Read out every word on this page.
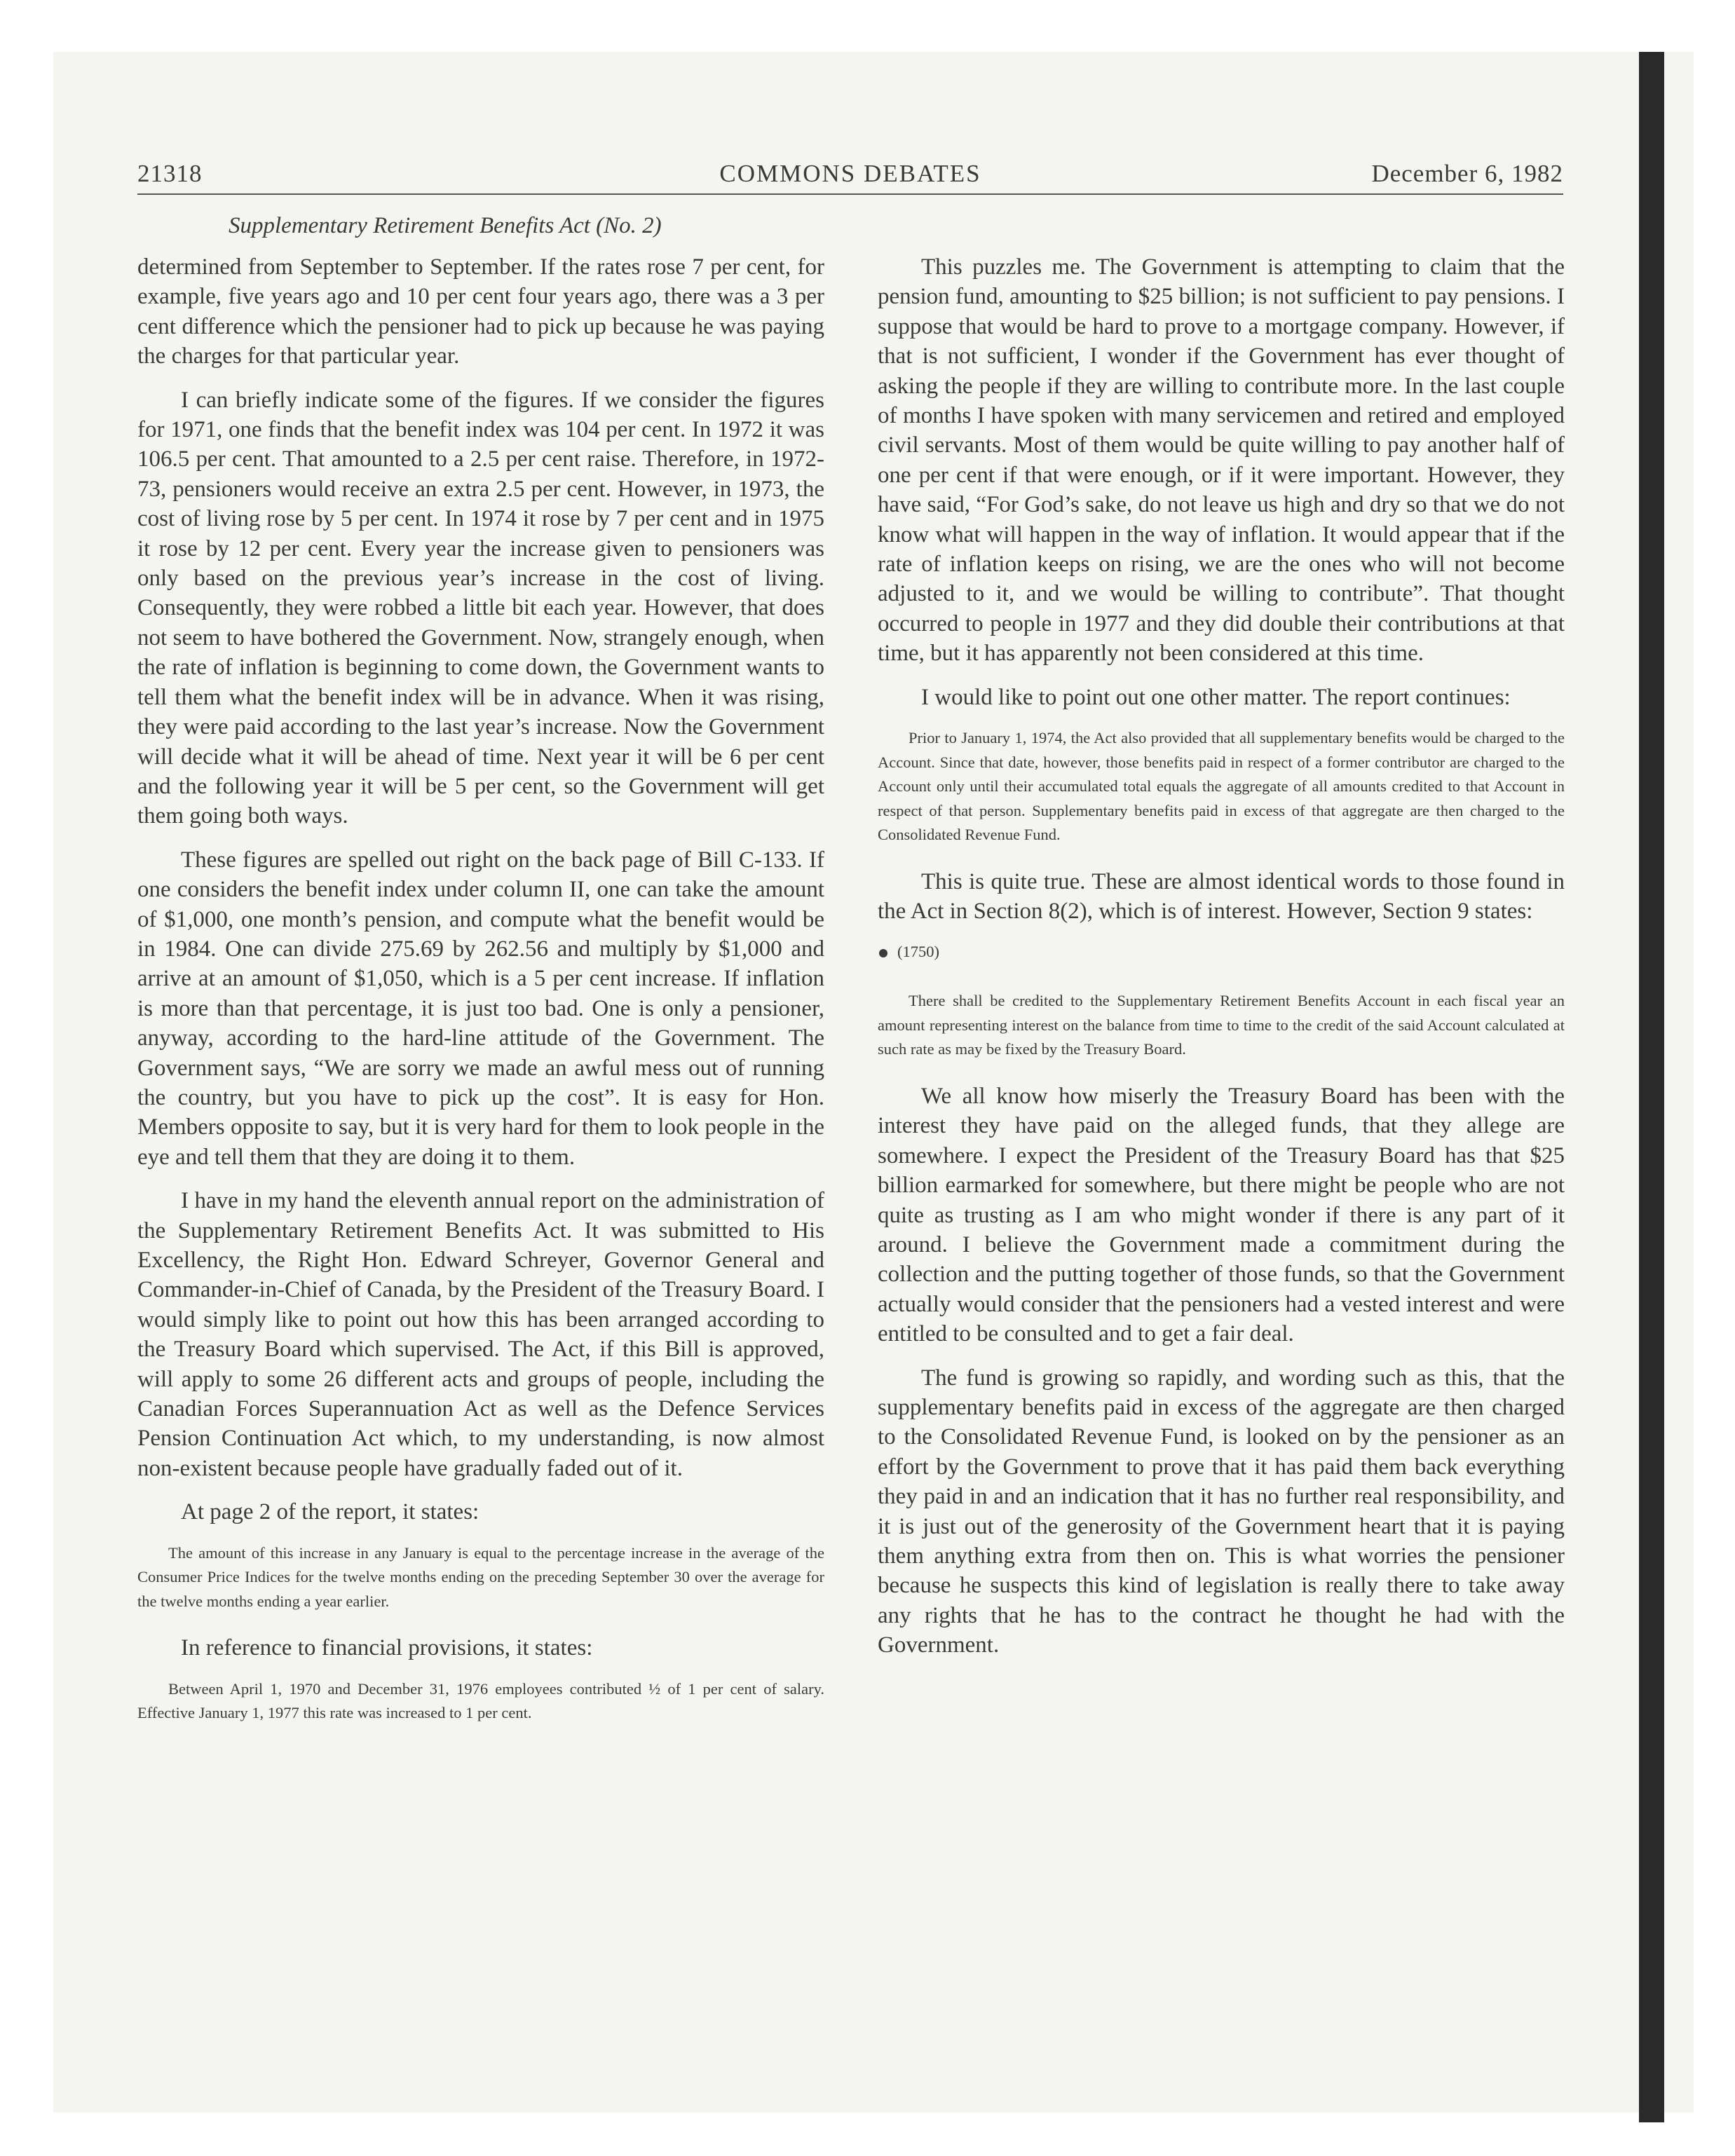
21318	COMMONS DEBATES	December 6, 1982
Supplementary Retirement Benefits Act (No. 2)

determined from September to September. If the rates rose 7 per cent, for example, five years ago and 10 per cent four years ago, there was a 3 per cent difference which the pensioner had to pick up because he was paying the charges for that particular year.

I can briefly indicate some of the figures. If we consider the figures for 1971, one finds that the benefit index was 104 per cent. In 1972 it was 106.5 per cent. That amounted to a 2.5 per cent raise. Therefore, in 1972-73, pensioners would receive an extra 2.5 per cent. However, in 1973, the cost of living rose by 5 per cent. In 1974 it rose by 7 per cent and in 1975 it rose by 12 per cent. Every year the increase given to pensioners was only based on the previous year’s increase in the cost of living. Consequently, they were robbed a little bit each year. However, that does not seem to have bothered the Government. Now, strangely enough, when the rate of inflation is beginning to come down, the Government wants to tell them what the benefit index will be in advance. When it was rising, they were paid according to the last year’s increase. Now the Government will decide what it will be ahead of time. Next year it will be 6 per cent and the following year it will be 5 per cent, so the Government will get them going both ways.

These figures are spelled out right on the back page of Bill C-133. If one considers the benefit index under column II, one can take the amount of $1,000, one month’s pension, and compute what the benefit would be in 1984. One can divide 275.69 by 262.56 and multiply by $1,000 and arrive at an amount of $1,050, which is a 5 per cent increase. If inflation is more than that percentage, it is just too bad. One is only a pensioner, anyway, according to the hard-line attitude of the Government. The Government says, “We are sorry we made an awful mess out of running the country, but you have to pick up the cost”. It is easy for Hon. Members opposite to say, but it is very hard for them to look people in the eye and tell them that they are doing it to them.

I have in my hand the eleventh annual report on the administration of the Supplementary Retirement Benefits Act. It was submitted to His Excellency, the Right Hon. Edward Schreyer, Governor General and Commander-in-Chief of Canada, by the President of the Treasury Board. I would simply like to point out how this has been arranged according to the Treasury Board which supervised. The Act, if this Bill is approved, will apply to some 26 different acts and groups of people, including the Canadian Forces Superannuation Act as well as the Defence Services Pension Continuation Act which, to my understanding, is now almost non-existent because people have gradually faded out of it.

At page 2 of the report, it states:

The amount of this increase in any January is equal to the percentage increase in the average of the Consumer Price Indices for the twelve months ending on the preceding September 30 over the average for the twelve months ending a year earlier.

In reference to financial provisions, it states:

Between April 1, 1970 and December 31, 1976 employees contributed ½ of 1 per cent of salary. Effective January 1, 1977 this rate was increased to 1 per cent.

This puzzles me. The Government is attempting to claim that the pension fund, amounting to $25 billion; is not sufficient to pay pensions. I suppose that would be hard to prove to a mortgage company. However, if that is not sufficient, I wonder if the Government has ever thought of asking the people if they are willing to contribute more. In the last couple of months I have spoken with many servicemen and retired and employed civil servants. Most of them would be quite willing to pay another half of one per cent if that were enough, or if it were important. However, they have said, “For God’s sake, do not leave us high and dry so that we do not know what will happen in the way of inflation. It would appear that if the rate of inflation keeps on rising, we are the ones who will not become adjusted to it, and we would be willing to contribute”. That thought occurred to people in 1977 and they did double their contributions at that time, but it has apparently not been considered at this time.

I would like to point out one other matter. The report continues:

Prior to January 1, 1974, the Act also provided that all supplementary benefits would be charged to the Account. Since that date, however, those benefits paid in respect of a former contributor are charged to the Account only until their accumulated total equals the aggregate of all amounts credited to that Account in respect of that person. Supplementary benefits paid in excess of that aggregate are then charged to the Consolidated Revenue Fund.

This is quite true. These are almost identical words to those found in the Act in Section 8(2), which is of interest. However, Section 9 states:

(1750)

There shall be credited to the Supplementary Retirement Benefits Account in each fiscal year an amount representing interest on the balance from time to time to the credit of the said Account calculated at such rate as may be fixed by the Treasury Board.

We all know how miserly the Treasury Board has been with the interest they have paid on the alleged funds, that they allege are somewhere. I expect the President of the Treasury Board has that $25 billion earmarked for somewhere, but there might be people who are not quite as trusting as I am who might wonder if there is any part of it around. I believe the Government made a commitment during the collection and the putting together of those funds, so that the Government actually would consider that the pensioners had a vested interest and were entitled to be consulted and to get a fair deal.

The fund is growing so rapidly, and wording such as this, that the supplementary benefits paid in excess of the aggregate are then charged to the Consolidated Revenue Fund, is looked on by the pensioner as an effort by the Government to prove that it has paid them back everything they paid in and an indication that it has no further real responsibility, and it is just out of the generosity of the Government heart that it is paying them anything extra from then on. This is what worries the pensioner because he suspects this kind of legislation is really there to take away any rights that he has to the contract he thought he had with the Government.
